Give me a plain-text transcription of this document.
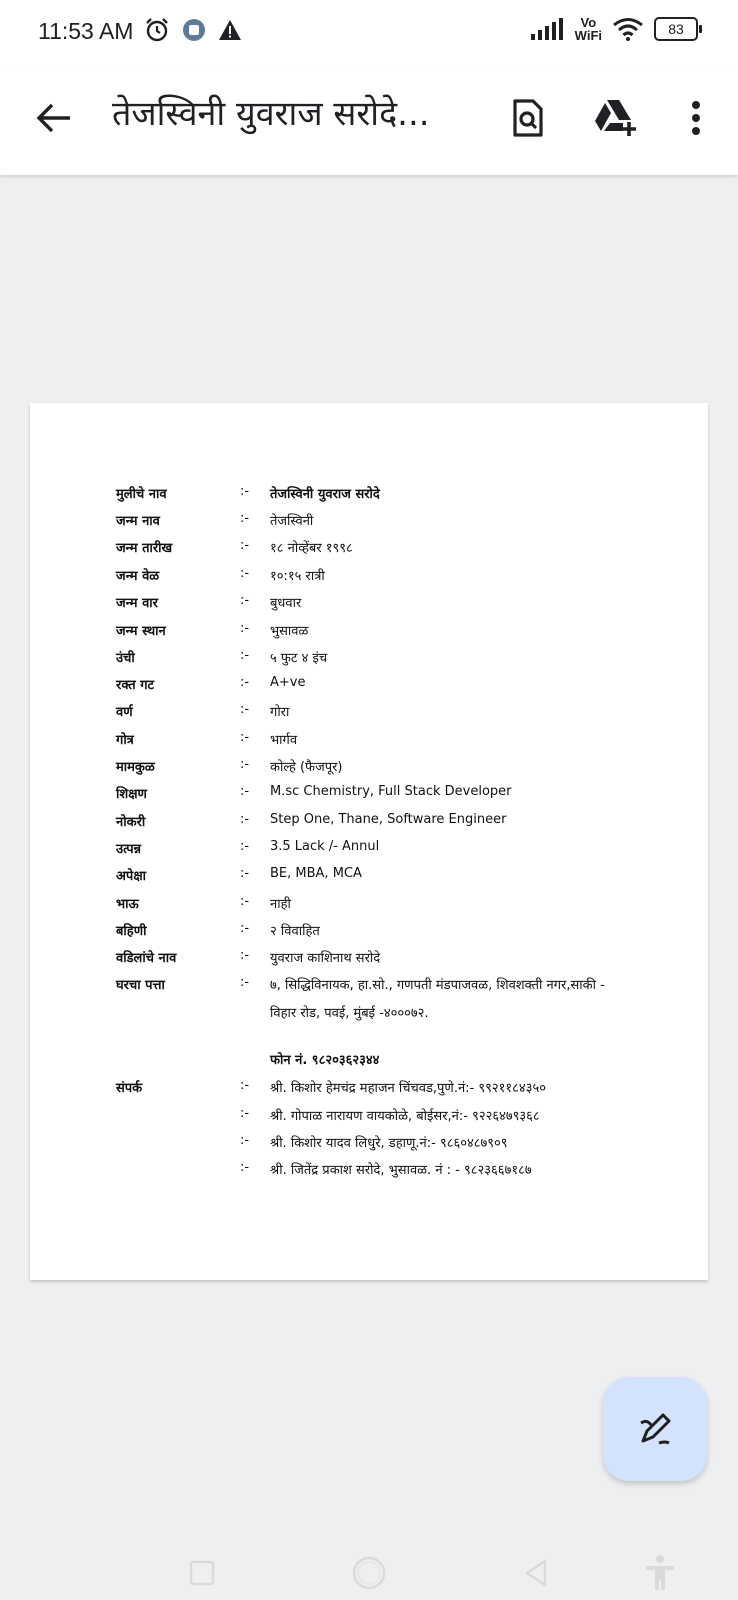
11:53 AM	Vo
WiFi	83
तेजस्विनी युवराज सरोदे...
मुलीचे नाव	:- तेजस्विनी युवराज सरोदे
जन्म नाव	:- तेजस्विनी
जन्म तारीख	:- १८ नोव्हेंबर १९९८
जन्म वेळ	:- १०:१५ रात्री
जन्म वार	:- बुधवार
जन्म स्थान	:- भुसावळ
उंची	:- ५ फुट ४ इंच
रक्त गट	:- A+ve
वर्ण	:- गोरा
गोत्र	:- भार्गव
मामकुळ	:- कोल्हे (फैजपूर)
शिक्षण	:- M.sc Chemistry, Full Stack Developer
नोकरी	:- Step One, Thane, Software Engineer
उत्पन्न	:- 3.5 Lack /- Annul
अपेक्षा	:- BE, MBA, MCA
भाऊ	:- नाही
बहिणी	:- २ विवाहित
वडिलांचे नाव	:- युवराज काशिनाथ सरोदे
घरचा पत्ता	:- ७, सिद्धिविनायक, हा.सो., गणपती मंडपाजवळ, शिवशक्ती नगर,साकी -
विहार रोड, पवई, मुंबई -४०००७२.
फोन नं. ९८२०३६२३४४
संपर्क	:- श्री. किशोर हेमचंद्र महाजन चिंचवड,पुणे.नं:- ९९२११८४३५०
:- श्री. गोपाळ नारायण वायकोळे, बोईसर,नं:- ९२२६४७९३६८
:- श्री. किशोर यादव लिधुरे, डहाणू.नं:- ९८६०४८७९०९
:- श्री. जितेंद्र प्रकाश सरोदे, भुसावळ. नं : - ९८२३६६७१८७
